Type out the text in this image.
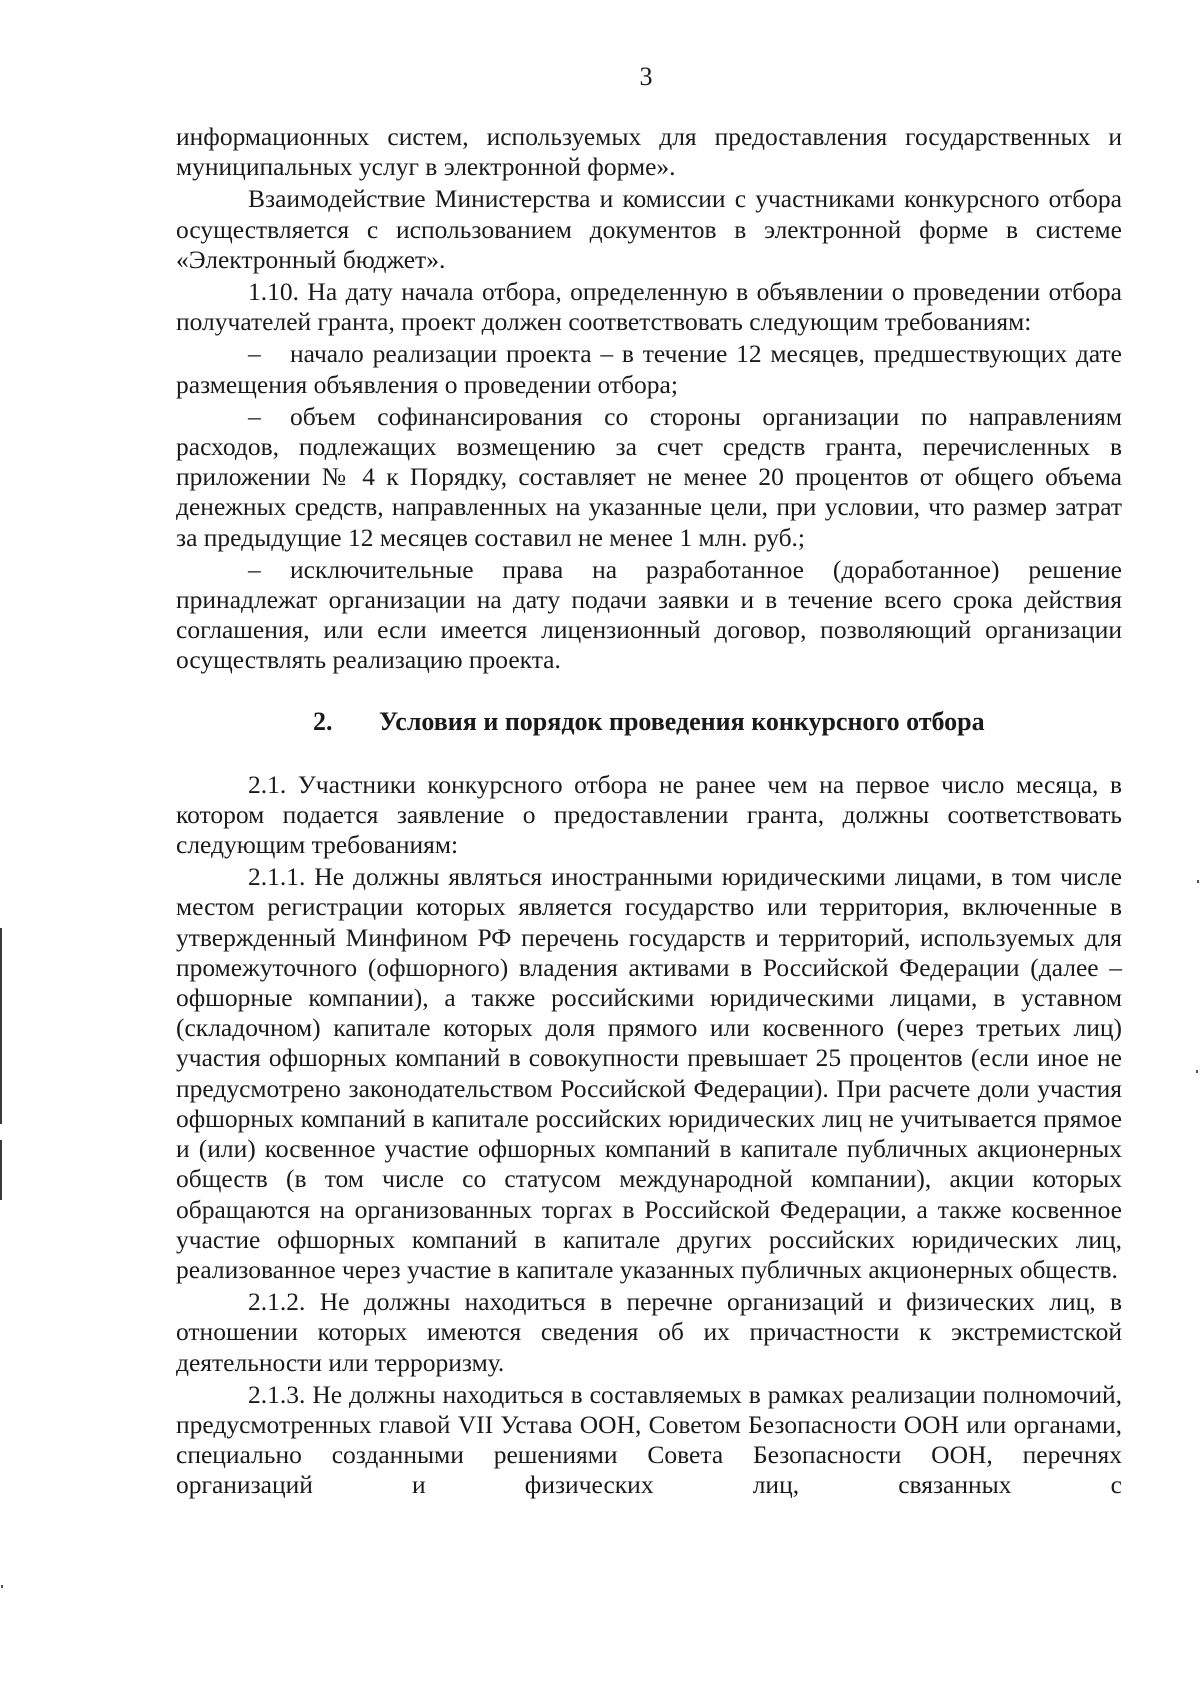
3

информационных систем, используемых для предоставления государственных и муниципальных услуг в электронной форме».

Взаимодействие Министерства и комиссии с участниками конкурсного отбора осуществляется с использованием документов в электронной форме в системе «Электронный бюджет».

1.10. На дату начала отбора, определенную в объявлении о проведении отбора получателей гранта, проект должен соответствовать следующим требованиям:

– начало реализации проекта – в течение 12 месяцев, предшествующих дате размещения объявления о проведении отбора;

– объем софинансирования со стороны организации по направлениям расходов, подлежащих возмещению за счет средств гранта, перечисленных в приложении № 4 к Порядку, составляет не менее 20 процентов от общего объема денежных средств, направленных на указанные цели, при условии, что размер затрат за предыдущие 12 месяцев составил не менее 1 млн. руб.;

– исключительные права на разработанное (доработанное) решение принадлежат организации на дату подачи заявки и в течение всего срока действия соглашения, или если имеется лицензионный договор, позволяющий организации осуществлять реализацию проекта.

2. Условия и порядок проведения конкурсного отбора

2.1. Участники конкурсного отбора не ранее чем на первое число месяца, в котором подается заявление о предоставлении гранта, должны соответствовать следующим требованиям:

2.1.1. Не должны являться иностранными юридическими лицами, в том числе местом регистрации которых является государство или территория, включенные в утвержденный Минфином РФ перечень государств и территорий, используемых для промежуточного (офшорного) владения активами в Российской Федерации (далее – офшорные компании), а также российскими юридическими лицами, в уставном (складочном) капитале которых доля прямого или косвенного (через третьих лиц) участия офшорных компаний в совокупности превышает 25 процентов (если иное не предусмотрено законодательством Российской Федерации). При расчете доли участия офшорных компаний в капитале российских юридических лиц не учитывается прямое и (или) косвенное участие офшорных компаний в капитале публичных акционерных обществ (в том числе со статусом международной компании), акции которых обращаются на организованных торгах в Российской Федерации, а также косвенное участие офшорных компаний в капитале других российских юридических лиц, реализованное через участие в капитале указанных публичных акционерных обществ.

2.1.2. Не должны находиться в перечне организаций и физических лиц, в отношении которых имеются сведения об их причастности к экстремистской деятельности или терроризму.

2.1.3. Не должны находиться в составляемых в рамках реализации полномочий, предусмотренных главой VII Устава ООН, Советом Безопасности ООН или органами, специально созданными решениями Совета Безопасности ООН, перечнях организаций и физических лиц, связанных с
